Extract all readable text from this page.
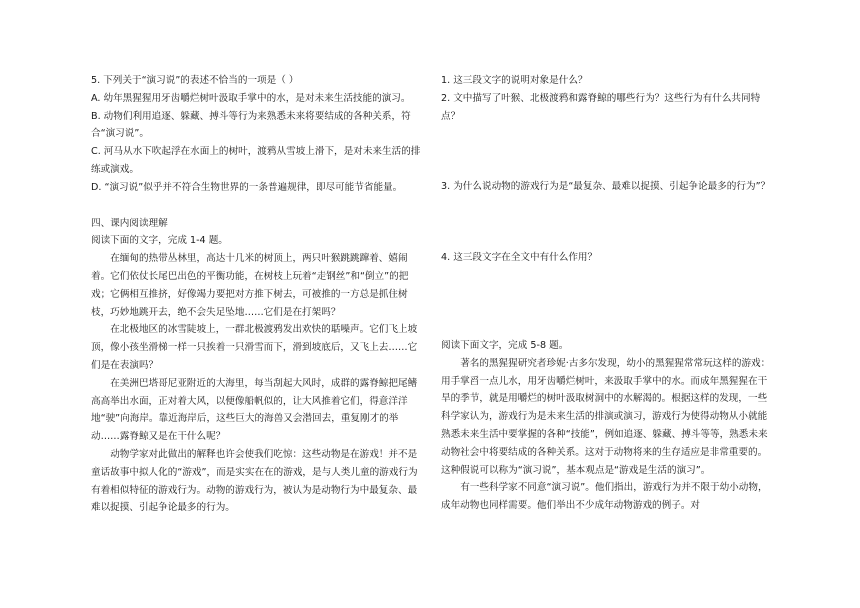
5. 下列关于“演习说”的表述不恰当的一项是（ ）

A. 幼年黑猩猩用牙齿嚼烂树叶汲取手掌中的水，是对未来生活技能的演习。

B. 动物们利用追逐、躲藏、搏斗等行为来熟悉未来将要结成的各种关系，符合“演习说”。

C. 河马从水下吹起浮在水面上的树叶，渡鸦从雪坡上滑下，是对未来生活的排练或演戏。

D. “演习说”似乎并不符合生物世界的一条普遍规律，即尽可能节省能量。

四、课内阅读理解

阅读下面的文字，完成 1-4 题。

在缅甸的热带丛林里，高达十几米的树顶上，两只叶猴跳跳蹿着、嬉闹着。它们依仗长尾巴出色的平衡功能，在树枝上玩着“走钢丝”和“倒立”的把戏；它俩相互推挤，好像竭力要把对方推下树去，可被推的一方总是抓住树枝，巧妙地跳开去，绝不会失足坠地……它们是在打架吗？

在北极地区的冰雪陡坡上，一群北极渡鸦发出欢快的聒噪声。它们飞上坡顶，像小孩坐滑梯一样一只挨着一只滑雪而下，滑到坡底后，又飞上去……它们是在表演吗？

在美洲巴塔哥尼亚附近的大海里，每当刮起大风时，成群的露脊鲸把尾鳍高高举出水面，正对着大风，以便像船帆似的，让大风推着它们，得意洋洋地“驶”向海岸。靠近海岸后，这些巨大的海兽又会潜回去，重复刚才的举动……露脊鲸又是在干什么呢？

动物学家对此做出的解释也许会使我们吃惊：这些动物是在游戏！并不是童话故事中拟人化的“游戏”，而是实实在在的游戏，是与人类儿童的游戏行为有着相似特征的游戏行为。动物的游戏行为，被认为是动物行为中最复杂、最难以捉摸、引起争论最多的行为。

1. 这三段文字的说明对象是什么？

2. 文中描写了叶猴、北极渡鸦和露脊鲸的哪些行为？这些行为有什么共同特点？

3. 为什么说动物的游戏行为是“最复杂、最难以捉摸、引起争论最多的行为”？

4. 这三段文字在全文中有什么作用？

阅读下面文字，完成 5-8 题。

著名的黑猩猩研究者珍妮·古多尔发现，幼小的黑猩猩常常玩这样的游戏：用手掌舀一点儿水，用牙齿嚼烂树叶，来汲取手掌中的水。而成年黑猩猩在干旱的季节，就是用嚼烂的树叶汲取树洞中的水解渴的。根据这样的发现，一些科学家认为，游戏行为是未来生活的排演或演习，游戏行为使得动物从小就能熟悉未来生活中要掌握的各种“技能”，例如追逐、躲藏、搏斗等等，熟悉未来动物社会中将要结成的各种关系。这对于动物将来的生存适应是非常重要的。这种假说可以称为“演习说”，基本观点是“游戏是生活的演习”。

有一些科学家不同意“演习说”。他们指出，游戏行为并不限于幼小动物，成年动物也同样需要。他们举出不少成年动物游戏的例子。对
